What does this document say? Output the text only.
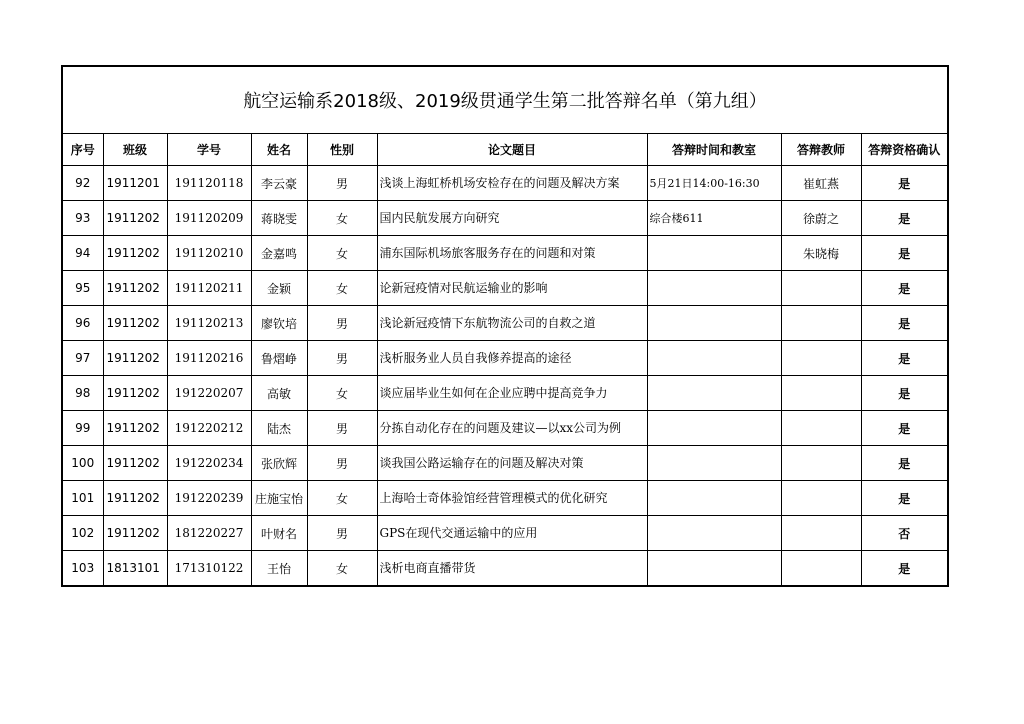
航空运输系2018级、2019级贯通学生第二批答辩名单（第九组）
序号	班级	学号	姓名	性别	论文题目	答辩时间和教室	答辩教师	答辩资格确认
92	1911201	191120118	李云豪	男	浅谈上海虹桥机场安检存在的问题及解决方案	5月21日14:00-16:30	崔虹燕	是
93	1911202	191120209	蒋晓雯	女	国内民航发展方向研究	综合楼611	徐蔚之	是
94	1911202	191120210	金嘉鸣	女	浦东国际机场旅客服务存在的问题和对策		朱晓梅	是
95	1911202	191120211	金颖	女	论新冠疫情对民航运输业的影响			是
96	1911202	191120213	廖钦培	男	浅论新冠疫情下东航物流公司的自救之道			是
97	1911202	191120216	鲁熠峥	男	浅析服务业人员自我修养提高的途径			是
98	1911202	191220207	高敏	女	谈应届毕业生如何在企业应聘中提高竞争力			是
99	1911202	191220212	陆杰	男	分拣自动化存在的问题及建议—以xx公司为例			是
100	1911202	191220234	张欣辉	男	谈我国公路运输存在的问题及解决对策			是
101	1911202	191220239	庄施宝怡	女	上海哈士奇体验馆经营管理模式的优化研究			是
102	1911202	181220227	叶财名	男	GPS在现代交通运输中的应用			否
103	1813101	171310122	王怡	女	浅析电商直播带货			是
